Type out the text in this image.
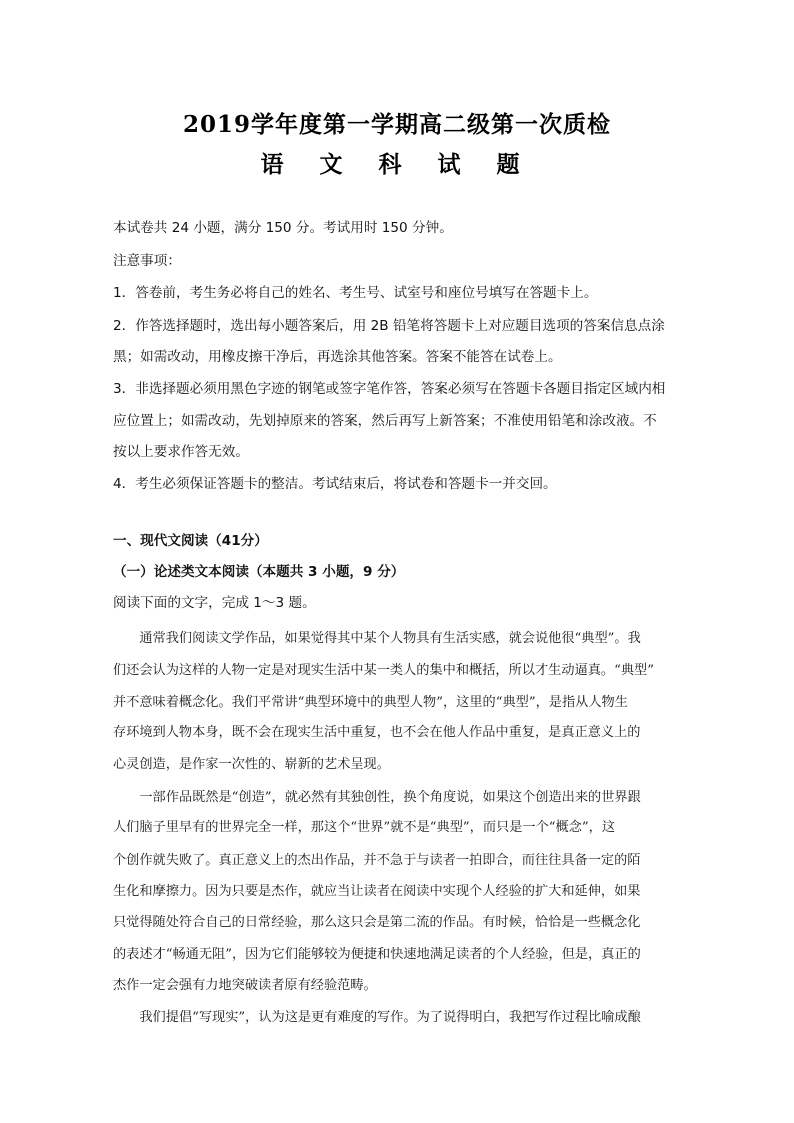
2019学年度第一学期高二级第一次质检
语 文 科 试 题
本试卷共 24 小题，满分 150 分。考试用时 150 分钟。
注意事项：
1．答卷前，考生务必将自己的姓名、考生号、试室号和座位号填写在答题卡上。
2．作答选择题时，选出每小题答案后，用 2B 铅笔将答题卡上对应题目选项的答案信息点涂
黑；如需改动，用橡皮擦干净后，再选涂其他答案。答案不能答在试卷上。
3．非选择题必须用黑色字迹的钢笔或签字笔作答，答案必须写在答题卡各题目指定区域内相
应位置上；如需改动，先划掉原来的答案，然后再写上新答案；不准使用铅笔和涂改液。不
按以上要求作答无效。
4．考生必须保证答题卡的整洁。考试结束后，将试卷和答题卡一并交回。
一、现代文阅读（41分）
（一）论述类文本阅读（本题共 3 小题，9 分）
阅读下面的文字，完成 1～3 题。
　　通常我们阅读文学作品，如果觉得其中某个人物具有生活实感，就会说他很“典型”。我
们还会认为这样的人物一定是对现实生活中某一类人的集中和概括，所以才生动逼真。“典型”
并不意味着概念化。我们平常讲“典型环境中的典型人物”，这里的“典型”，是指从人物生
存环境到人物本身，既不会在现实生活中重复，也不会在他人作品中重复，是真正意义上的
心灵创造，是作家一次性的、崭新的艺术呈现。
　　一部作品既然是“创造”，就必然有其独创性，换个角度说，如果这个创造出来的世界跟
人们脑子里早有的世界完全一样，那这个“世界”就不是“典型”，而只是一个“概念”，这
个创作就失败了。真正意义上的杰出作品，并不急于与读者一拍即合，而往往具备一定的陌
生化和摩擦力。因为只要是杰作，就应当让读者在阅读中实现个人经验的扩大和延伸，如果
只觉得随处符合自己的日常经验，那么这只会是第二流的作品。有时候，恰恰是一些概念化
的表述才“畅通无阻”，因为它们能够较为便捷和快速地满足读者的个人经验，但是，真正的
杰作一定会强有力地突破读者原有经验范畴。
　　我们提倡“写现实”，认为这是更有难度的写作。为了说得明白，我把写作过程比喻成酿
